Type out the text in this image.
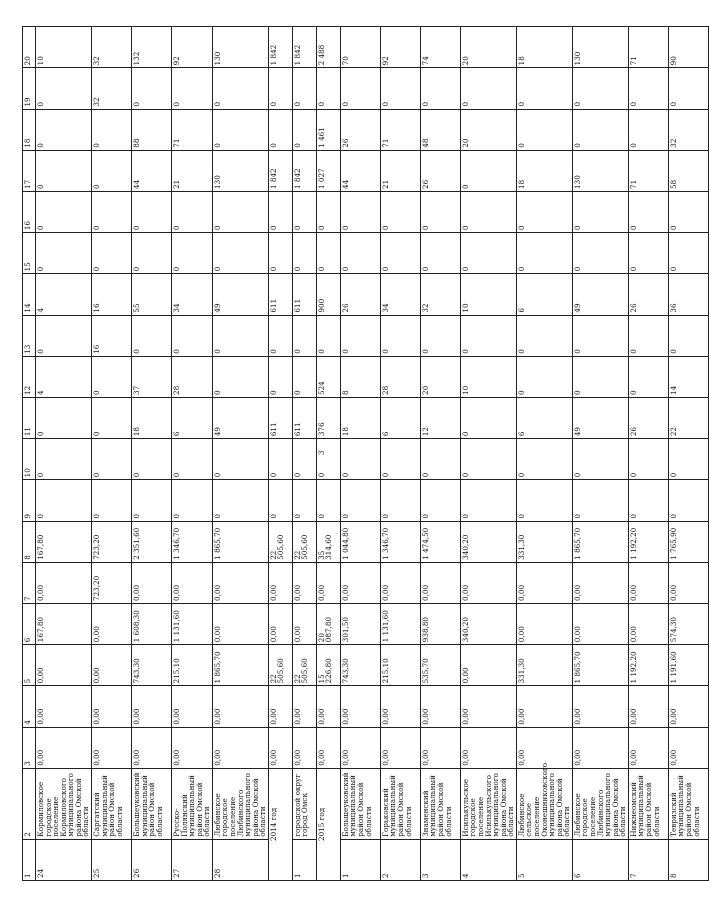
3
1	2	3	4	5	6	7	8	9	10	11	12	13	14	15	16	17	18	19	20
24	Кормиловское городское поселение Кормиловского муниципального района Омской области	0,00	0,00	0,00	167,80	0,00	167,80	0	0	0	4	0	4	0	0	0	0	0	10
25	Саргатский муниципальный район Омской области	0,00	0,00	0,00	0,00	723,20	723,20	0	0	0	0	16	16	0	0	0	0	32	32
26	Большеуковский муниципальный район Омской области	0,00	0,00	743,30	1 608,30	0,00	2 351,60	0	0	18	37	0	55	0	0	44	88	0	132
27	Русско-Полянский муниципальный район Омской области	0,00	0,00	215,10	1 131,60	0,00	1 346,70	0	0	6	28	0	34	0	0	21	71	0	92
28	Любинское городское поселение Любинского муниципального района Омской области	0,00	0,00	1 865,70	0,00	0,00	1 865,70	0	0	49	0	0	49	0	0	130	0	0	130
2014 год		0,00	0,00	22 505,60	0,00	0,00	22 505,60	0	0	611	0	0	611	0	0	1 842	0	0	1 842
1	городской округ город Омск	0,00	0,00	22 505,60	0,00	0,00	22 505,60	0	0	611	0	0	611	0	0	1 842	0	0	1 842
2015 год		0,00	0,00	15 226,80	20 087,80	0,00	35 314,60	0	0	376	524	0	900	0	0	1 027	1 461	0	2 488
1	Большеуковский муниципальный район Омской области	0,00	0,00	743,30	301,50	0,00	1 044,80	0	0	18	8	0	26	0	0	44	26	0	70
2	Горьковский муниципальный район Омской области	0,00	0,00	215,10	1 131,60	0,00	1 346,70	0	0	6	28	0	34	0	0	21	71	0	92
3	Знаменский муниципальный район Омской области	0,00	0,00	535,70	938,80	0,00	1 474,50	0	0	12	20	0	32	0	0	26	48	0	74
4	Исилькульское городское поселение Исилькульского муниципального района Омской области	0,00	0,00	0,00	340,20	0,00	340,20	0	0	0	10	0	10	0	0	0	20	0	20
5	Любинское сельское поселение Оконешниковского муниципального района Омской области	0,00	0,00	331,30	0,00	0,00	331,30	0	0	6	0	0	6	0	0	18	0	0	18
6	Любинское городское поселение Любинского муниципального района Омской области	0,00	0,00	1 865,70	0,00	0,00	1 865,70	0	0	49	0	0	49	0	0	130	0	0	130
7	Нижнеомский муниципальный район Омской области	0,00	0,00	1 192,20	0,00	0,00	1 192,20	0	0	26	0	0	26	0	0	71	0	0	71
8	Тевризский муниципальный район Омской области	0,00	0,00	1 191,60	574,30	0,00	1 765,90	0	0	22	14	0	36	0	0	58	32	0	90
